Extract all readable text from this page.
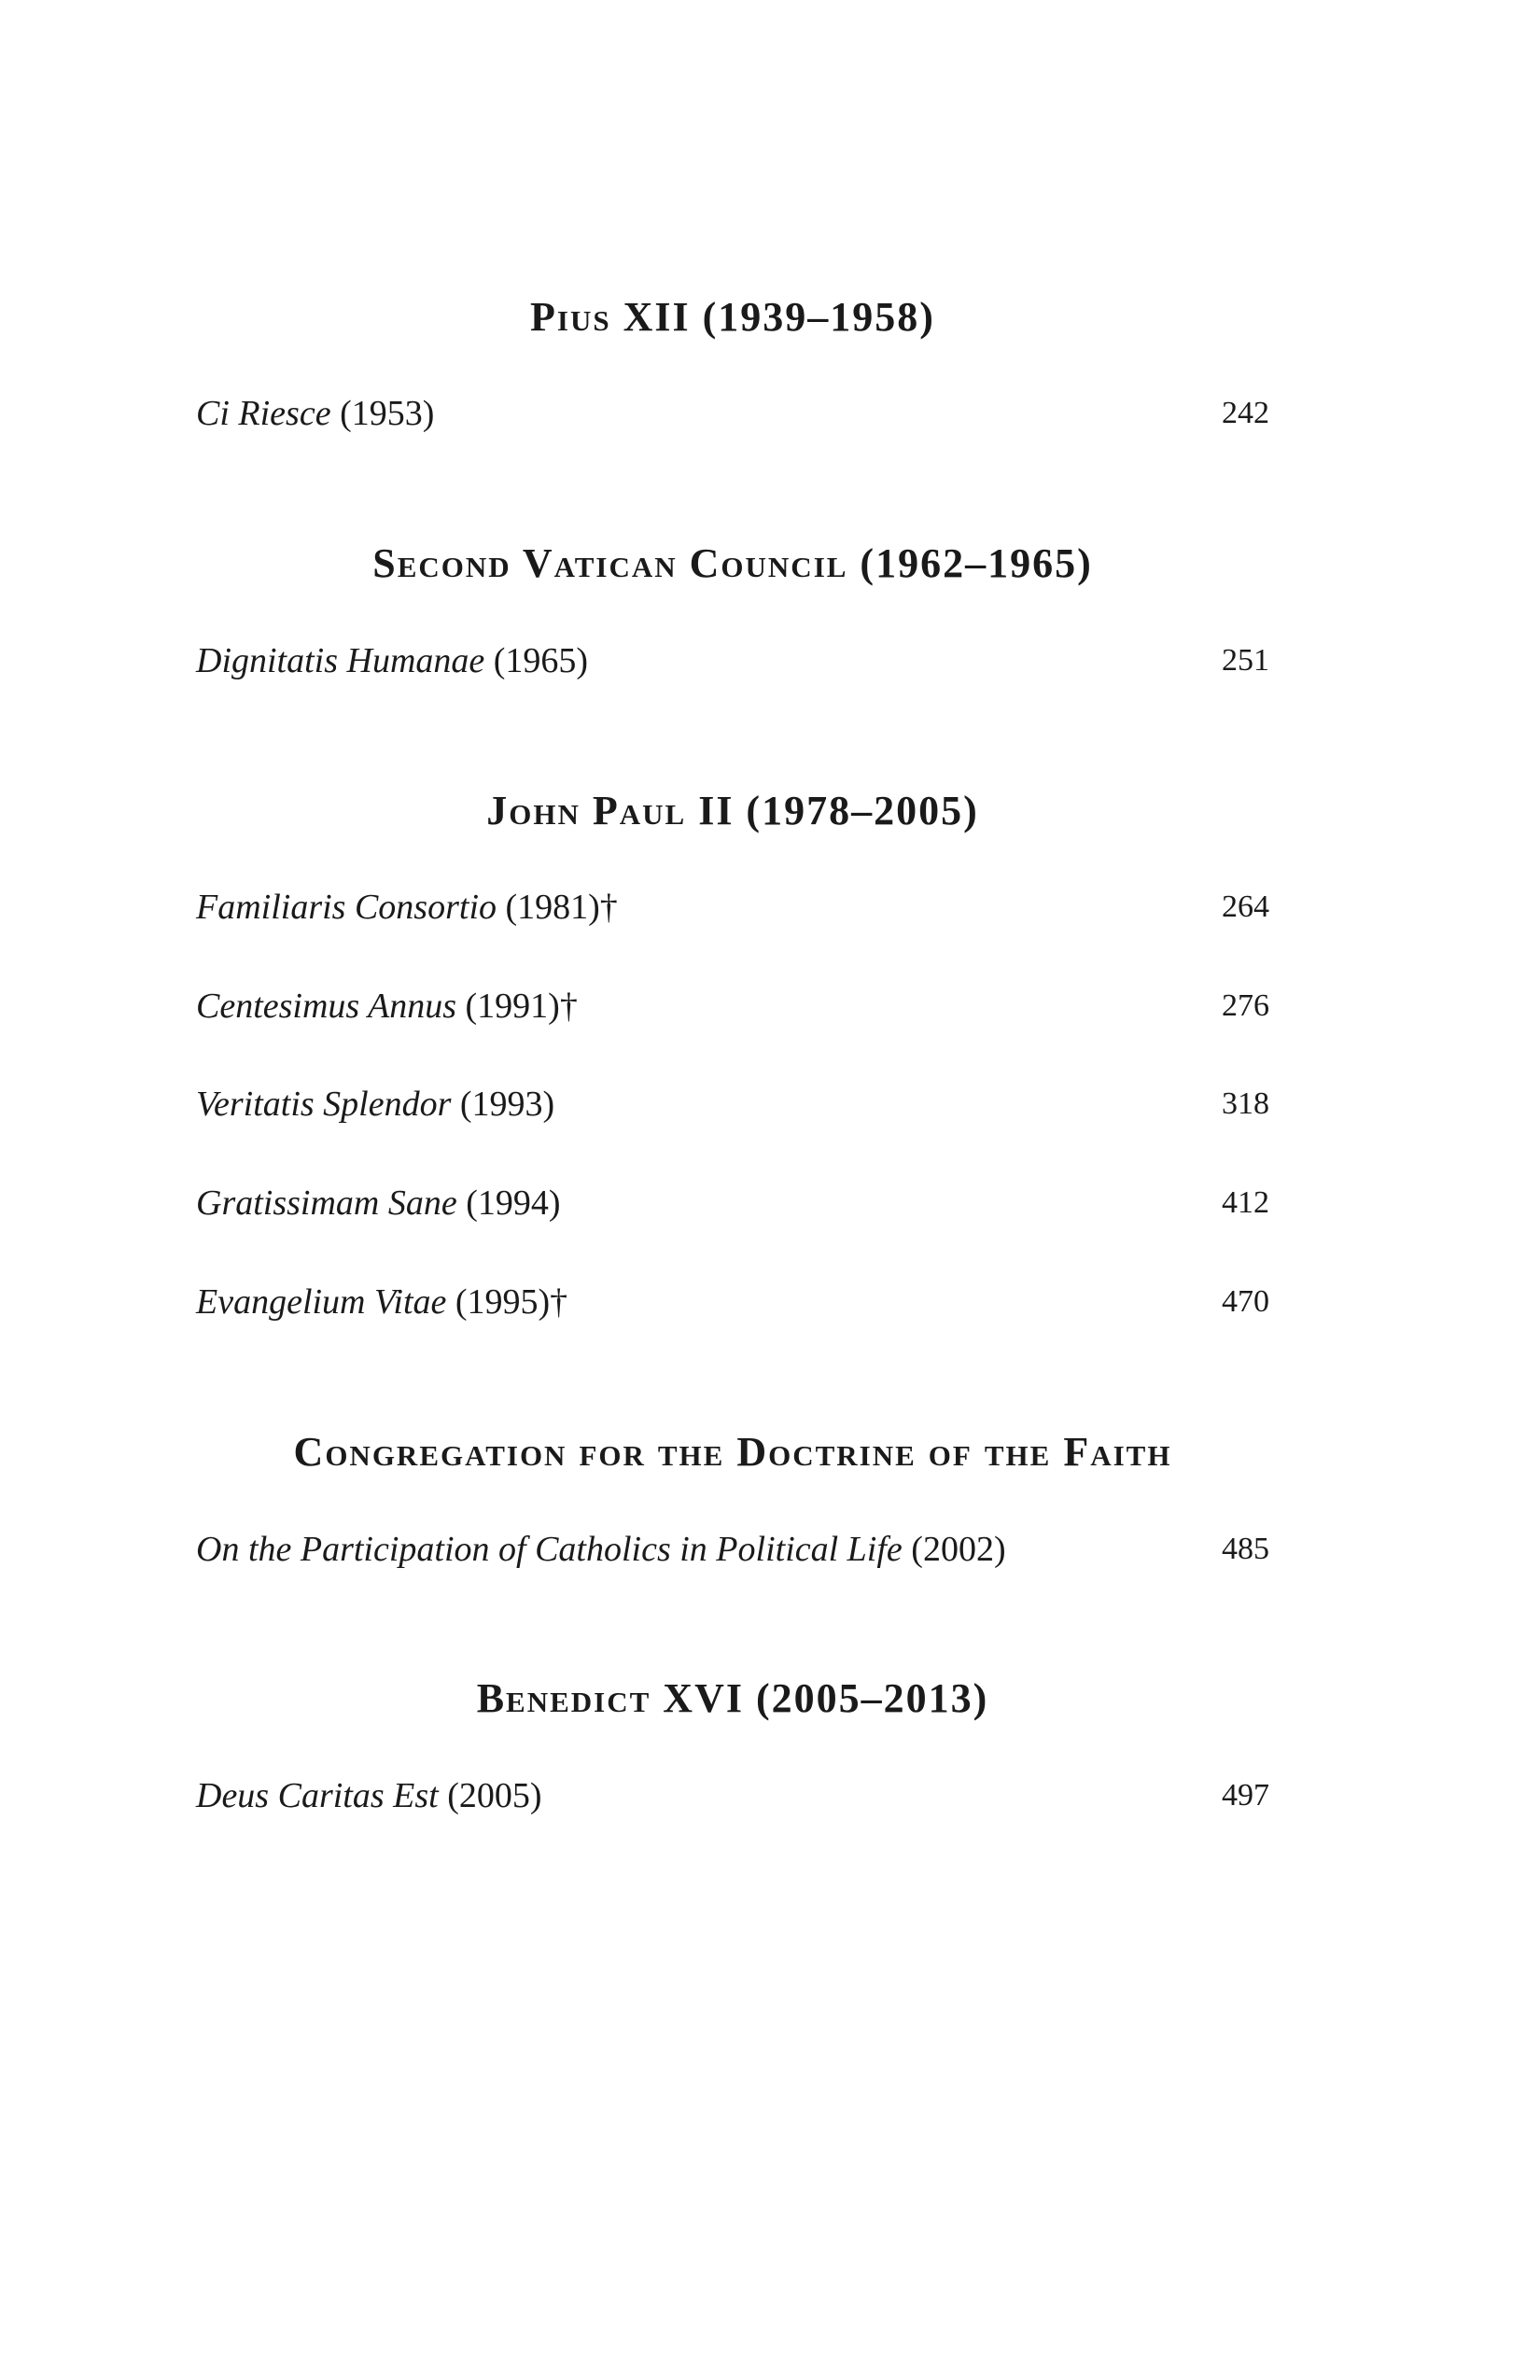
Pius XII (1939–1958)
Ci Riesce (1953)	242
Second Vatican Council (1962–1965)
Dignitatis Humanae (1965)	251
John Paul II (1978–2005)
Familiaris Consortio (1981)†	264
Centesimus Annus (1991)†	276
Veritatis Splendor (1993)	318
Gratissimam Sane (1994)	412
Evangelium Vitae (1995)†	470
Congregation for the Doctrine of the Faith
On the Participation of Catholics in Political Life (2002)	485
Benedict XVI (2005–2013)
Deus Caritas Est (2005)	497
